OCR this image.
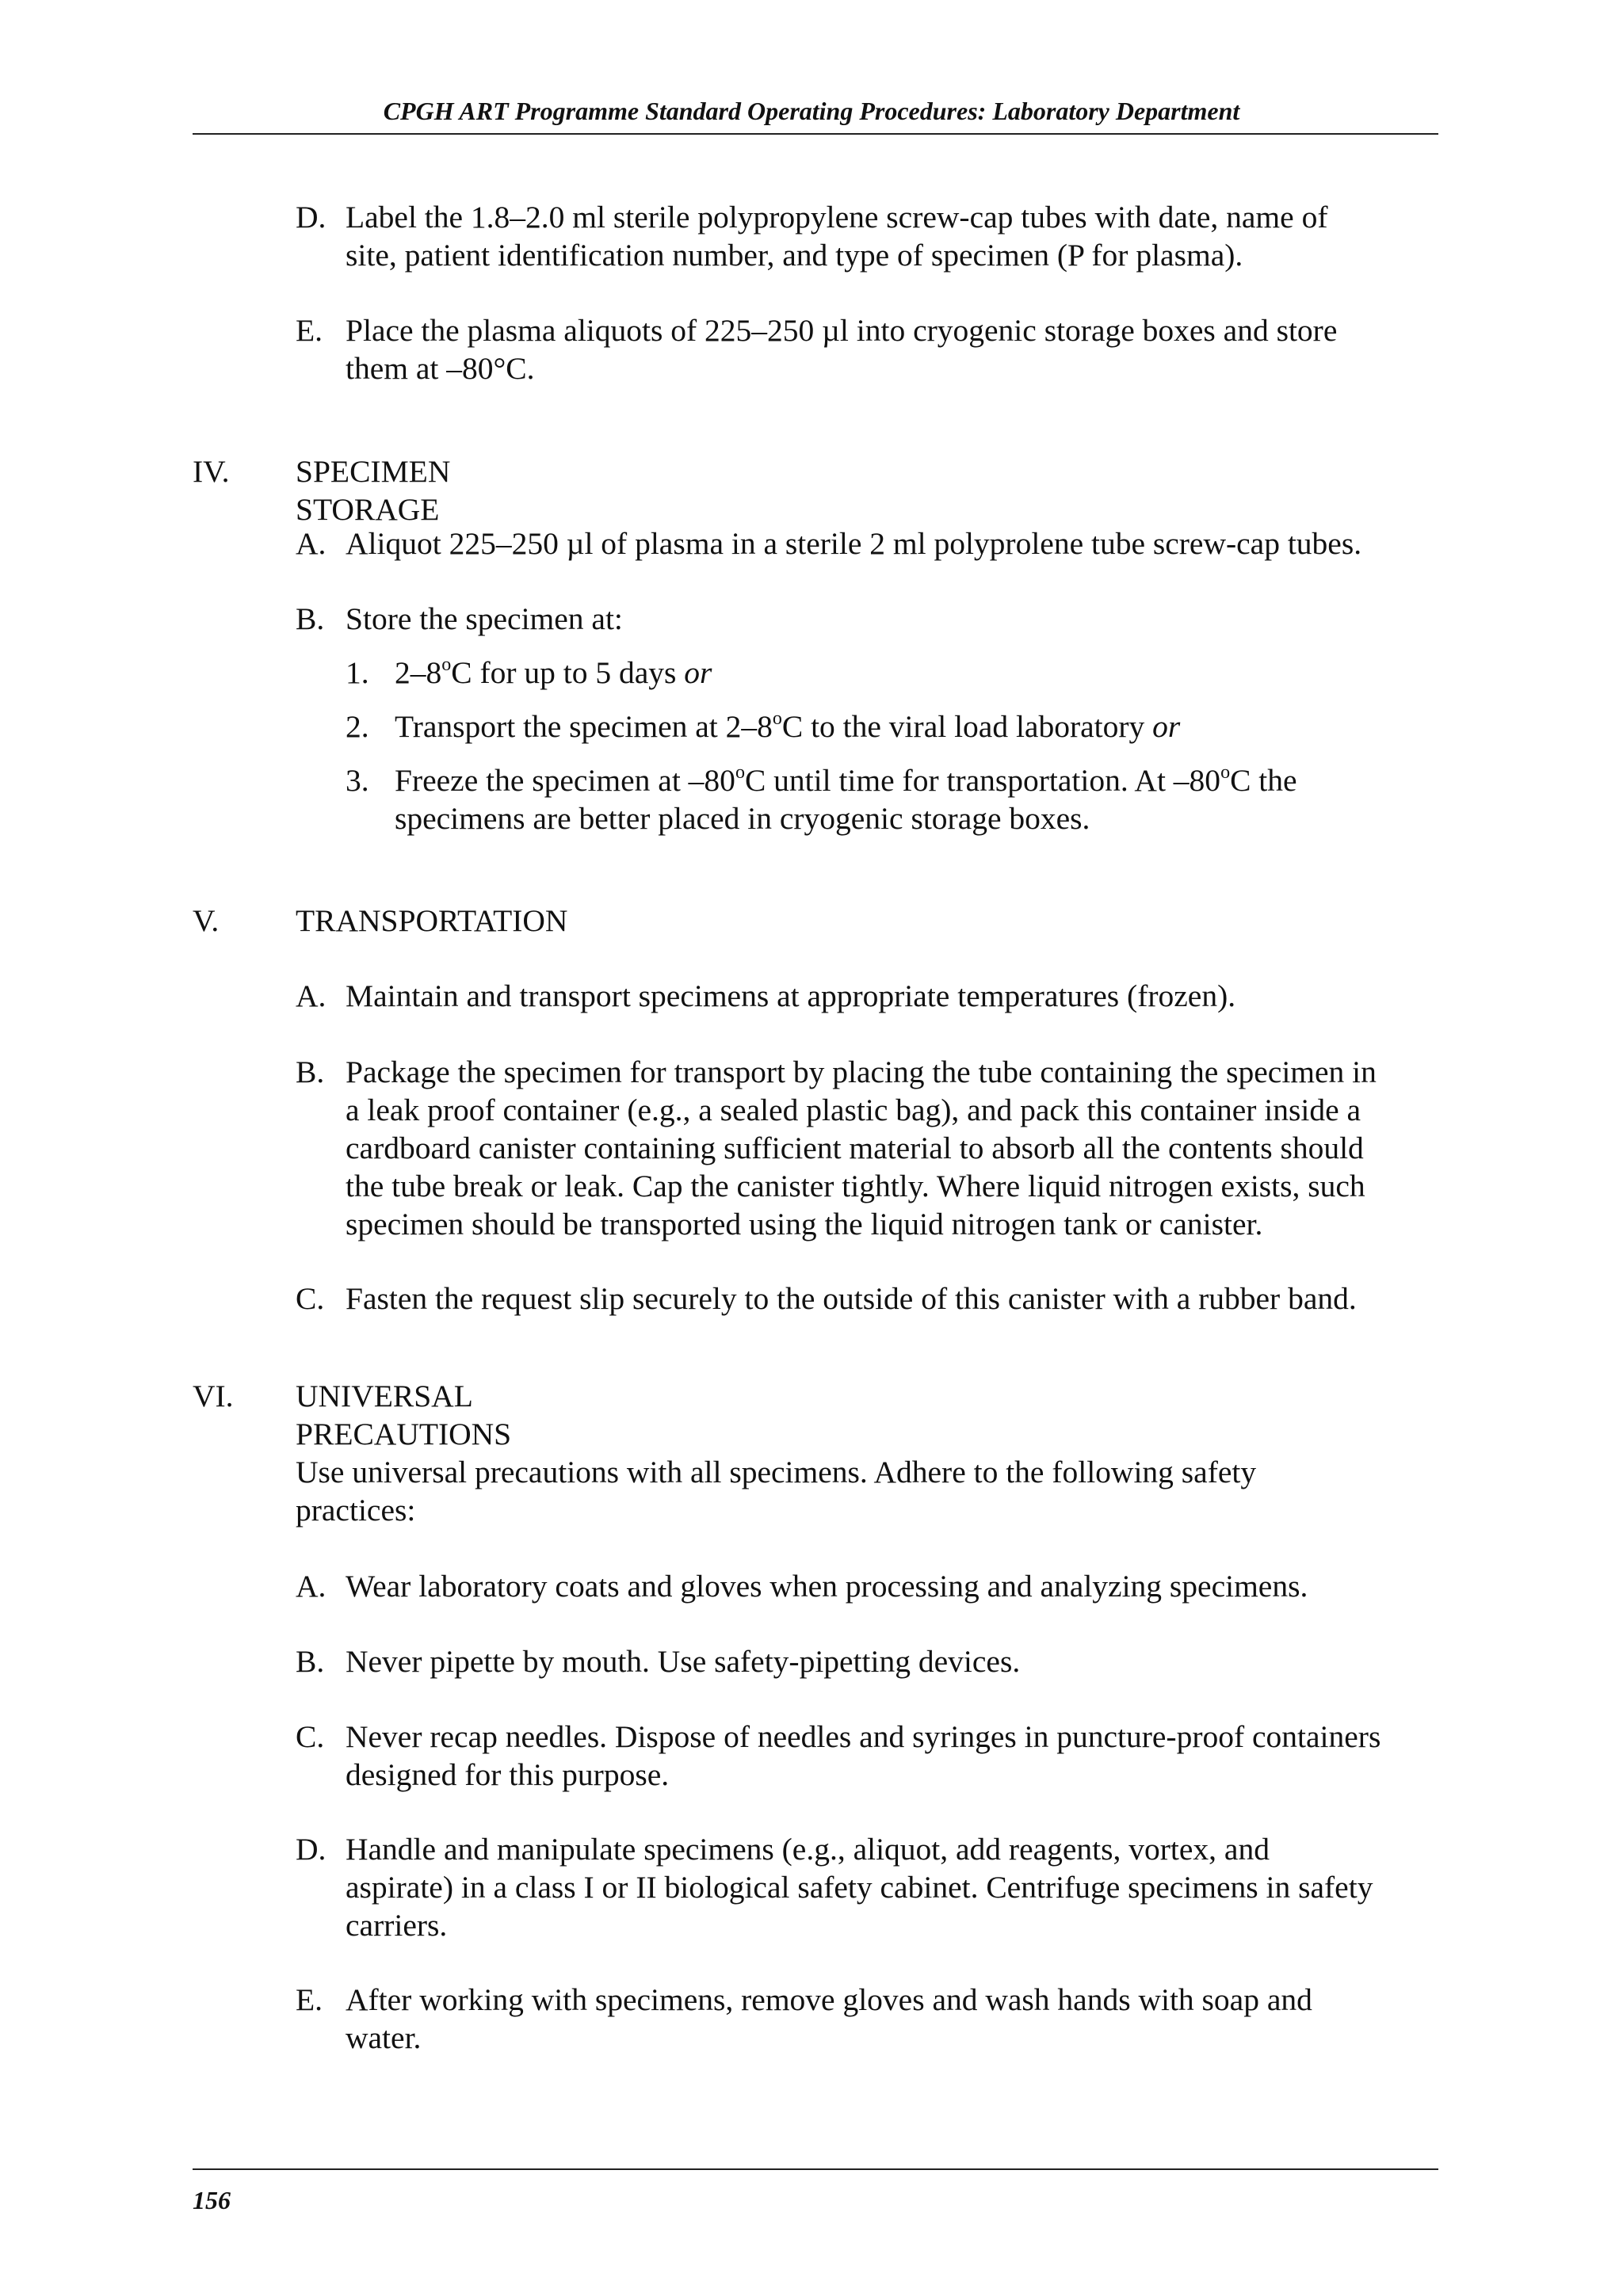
CPGH ART Programme Standard Operating Procedures: Laboratory Department
D. Label the 1.8–2.0 ml sterile polypropylene screw-cap tubes with date, name of
site, patient identification number, and type of specimen (P for plasma).
E. Place the plasma aliquots of 225–250 µl into cryogenic storage boxes and store
them at –80°C.
IV. SPECIMEN STORAGE
A. Aliquot 225–250 µl of plasma in a sterile 2 ml polyprolene tube screw-cap tubes.
B. Store the specimen at:
1. 2–8$^o$C for up to 5 days or
2. Transport the specimen at 2–8$^o$C to the viral load laboratory or
3. Freeze the specimen at –80$^o$C until time for transportation. At –80$^o$C the
specimens are better placed in cryogenic storage boxes.
V. TRANSPORTATION
A. Maintain and transport specimens at appropriate temperatures (frozen).
B. Package the specimen for transport by placing the tube containing the specimen in
a leak proof container (e.g., a sealed plastic bag), and pack this container inside a
cardboard canister containing sufficient material to absorb all the contents should
the tube break or leak. Cap the canister tightly. Where liquid nitrogen exists, such
specimen should be transported using the liquid nitrogen tank or canister.
C. Fasten the request slip securely to the outside of this canister with a rubber band.
VI. UNIVERSAL PRECAUTIONS
Use universal precautions with all specimens. Adhere to the following safety
practices:
A. Wear laboratory coats and gloves when processing and analyzing specimens.
B. Never pipette by mouth. Use safety-pipetting devices.
C. Never recap needles. Dispose of needles and syringes in puncture-proof containers
designed for this purpose.
D. Handle and manipulate specimens (e.g., aliquot, add reagents, vortex, and
aspirate) in a class I or II biological safety cabinet. Centrifuge specimens in safety
carriers.
E. After working with specimens, remove gloves and wash hands with soap and
water.
156
